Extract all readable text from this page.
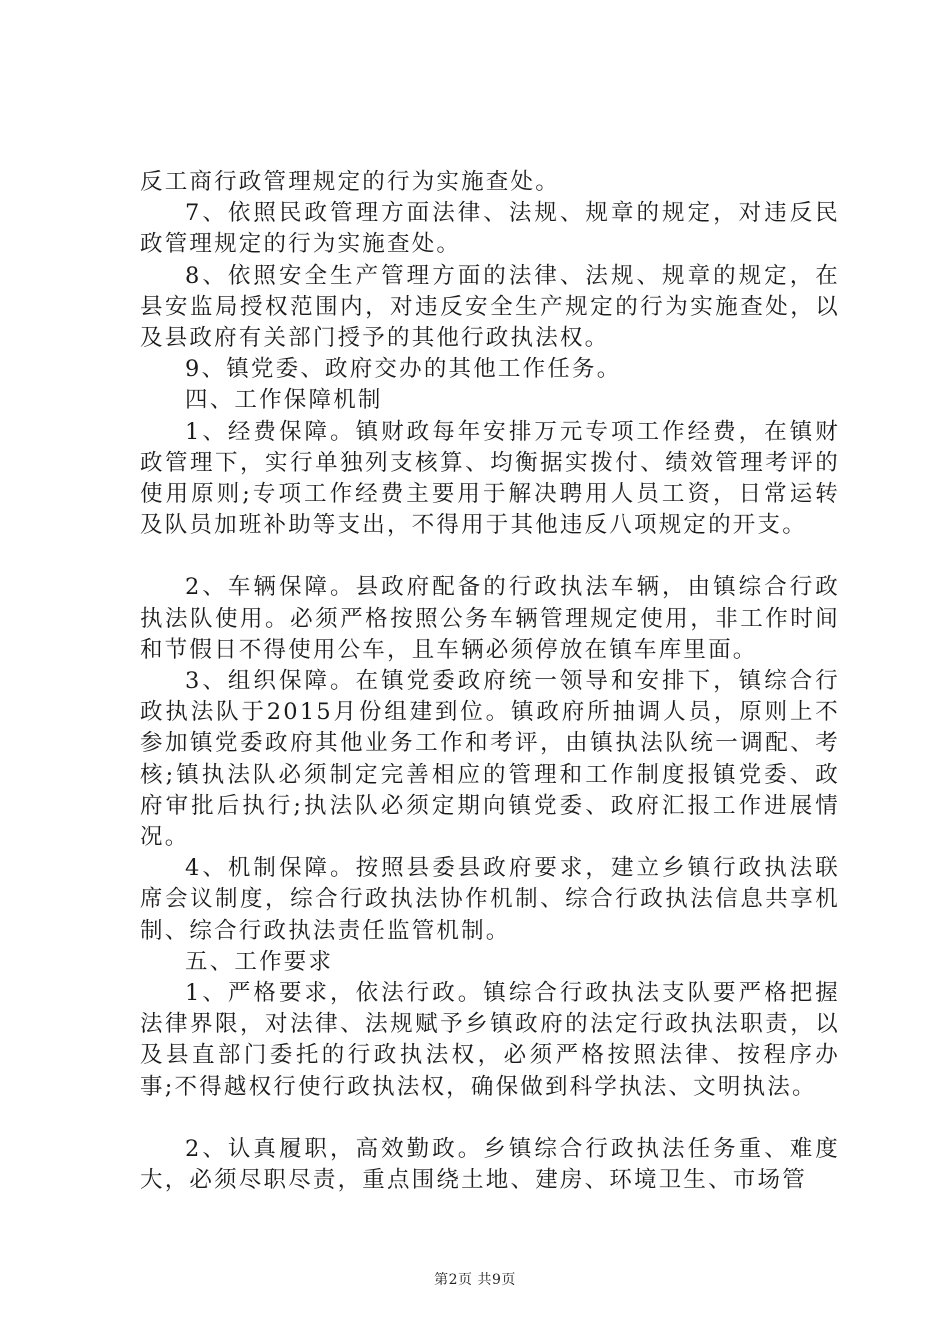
反工商行政管理规定的行为实施查处。

7、依照民政管理方面法律、法规、规章的规定，对违反民政管理规定的行为实施查处。

8、依照安全生产管理方面的法律、法规、规章的规定，在县安监局授权范围内，对违反安全生产规定的行为实施查处，以及县政府有关部门授予的其他行政执法权。

9、镇党委、政府交办的其他工作任务。

四、工作保障机制

1、经费保障。镇财政每年安排万元专项工作经费，在镇财政管理下，实行单独列支核算、均衡据实拨付、绩效管理考评的使用原则;专项工作经费主要用于解决聘用人员工资，日常运转及队员加班补助等支出，不得用于其他违反八项规定的开支。

2、车辆保障。县政府配备的行政执法车辆，由镇综合行政执法队使用。必须严格按照公务车辆管理规定使用，非工作时间和节假日不得使用公车，且车辆必须停放在镇车库里面。

3、组织保障。在镇党委政府统一领导和安排下，镇综合行政执法队于2015月份组建到位。镇政府所抽调人员，原则上不参加镇党委政府其他业务工作和考评，由镇执法队统一调配、考核;镇执法队必须制定完善相应的管理和工作制度报镇党委、政府审批后执行;执法队必须定期向镇党委、政府汇报工作进展情况。

4、机制保障。按照县委县政府要求，建立乡镇行政执法联席会议制度，综合行政执法协作机制、综合行政执法信息共享机制、综合行政执法责任监管机制。

五、工作要求

1、严格要求，依法行政。镇综合行政执法支队要严格把握法律界限，对法律、法规赋予乡镇政府的法定行政执法职责，以及县直部门委托的行政执法权，必须严格按照法律、按程序办事;不得越权行使行政执法权，确保做到科学执法、文明执法。

2、认真履职，高效勤政。乡镇综合行政执法任务重、难度大，必须尽职尽责，重点围绕土地、建房、环境卫生、市场管

第2页 共9页
